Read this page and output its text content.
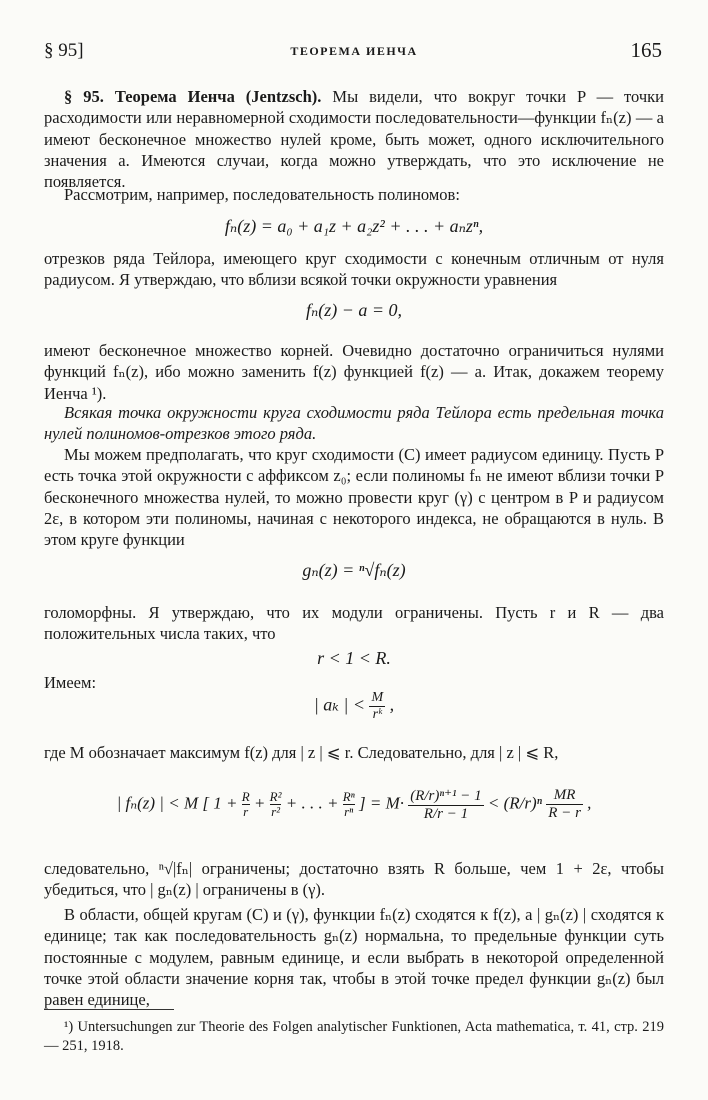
§ 95]	ТЕОРЕМА ИЕНЧА	165

§ 95. Теорема Иенча (Jentzsch). Мы видели, что вокруг точки P — точки расходимости или неравномерной сходимости последовательности—функции fₙ(z) — a имеют бесконечное множество нулей кроме, быть может, одного исключительного значения a. Имеются случаи, когда можно утверждать, что это исключение не появляется.

Рассмотрим, например, последовательность полиномов:

fₙ(z) = a₀ + a₁z + a₂z² + . . . + aₙzⁿ,

отрезков ряда Тейлора, имеющего круг сходимости с конечным отличным от нуля радиусом. Я утверждаю, что вблизи всякой точки окружности уравнения

fₙ(z) − a = 0,

имеют бесконечное множество корней. Очевидно достаточно ограничиться нулями функций fₙ(z), ибо можно заменить f(z) функцией f(z) — a. Итак, докажем теорему Иенча ¹).

Всякая точка окружности круга сходимости ряда Тейлора есть предельная точка нулей полиномов-отрезков этого ряда.

Мы можем предполагать, что круг сходимости (C) имеет радиусом единицу. Пусть P есть точка этой окружности с аффиксом z₀; если полиномы fₙ не имеют вблизи точки P бесконечного множества нулей, то можно провести круг (γ) с центром в P и радиусом 2ε, в котором эти полиномы, начиная с некоторого индекса, не обращаются в нуль. В этом круге функции

gₙ(z) = ⁿ√fₙ(z)

голоморфны. Я утверждаю, что их модули ограничены. Пусть r и R — два положительных числа таких, что

r < 1 < R.

Имеем:

| aₖ | < $\frac{M}{\text{rᵏ}}$ ,

где M обозначает максимум f(z) для | z | ⩽ r. Следовательно, для | z | ⩽ R,

| fₙ(z) | < M [ $1 + \frac{R}{r} + \frac{\text{R²}}{\text{r²}}$ + . . . + $\frac{\text{Rⁿ}}{\text{rⁿ}}$ ] = $M\cdot \frac{\text{(R/r)ⁿ⁺¹ − 1}}{R/r - 1} < (R/r)^n \frac{MR}{R - r}$ ,

следовательно, ⁿ√|fₙ| ограничены; достаточно взять R больше, чем 1 + 2ε, чтобы убедиться, что | gₙ(z) | ограничены в (γ).

В области, общей кругам (C) и (γ), функции fₙ(z) сходятся к f(z), а | gₙ(z) | сходятся к единице; так как последовательность gₙ(z) нормальна, то предельные функции суть постоянные с модулем, равным единице, и если выбрать в некоторой определенной точке этой области значение корня так, чтобы в этой точке предел функции gₙ(z) был равен единице,

¹) Untersuchungen zur Theorie des Folgen analytischer Funktionen, Acta mathematica, т. 41, стр. 219 — 251, 1918.
